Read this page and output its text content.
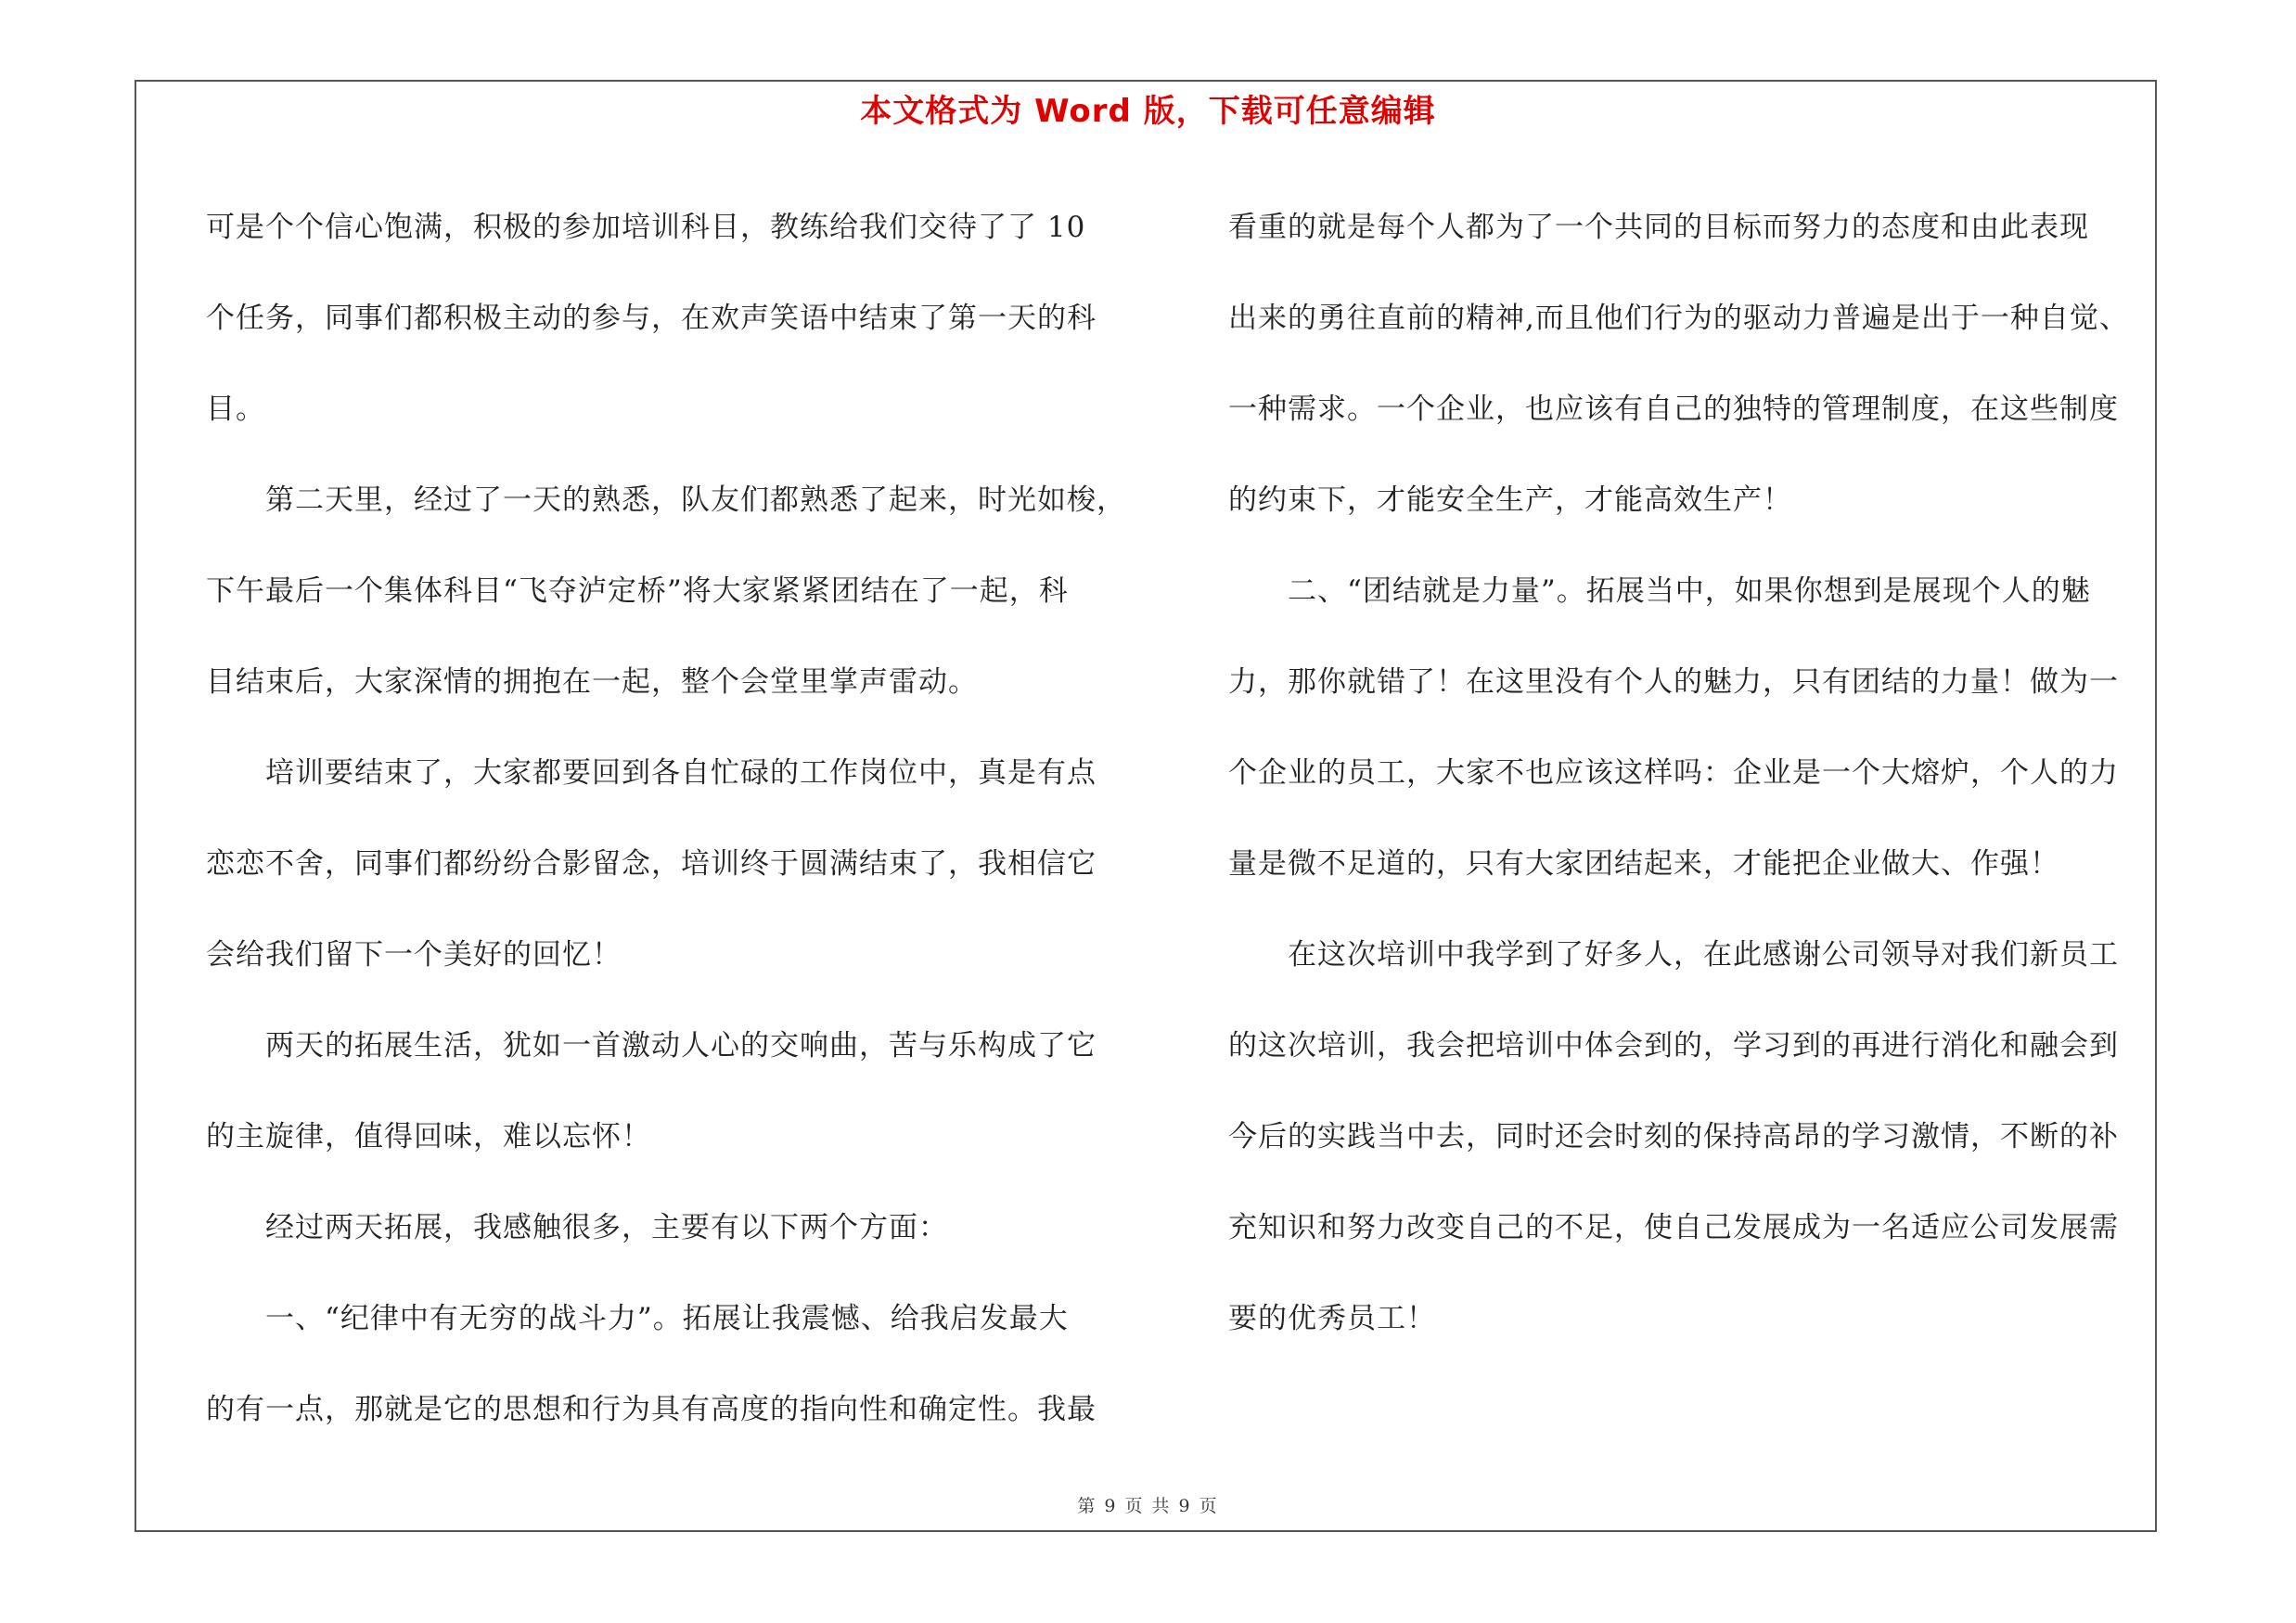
本文格式为 Word 版，下载可任意编辑
可是个个信心饱满，积极的参加培训科目，教练给我们交待了了 10
个任务，同事们都积极主动的参与，在欢声笑语中结束了第一天的科
目。
　　第二天里，经过了一天的熟悉，队友们都熟悉了起来，时光如梭，
下午最后一个集体科目“飞夺泸定桥”将大家紧紧团结在了一起，科
目结束后，大家深情的拥抱在一起，整个会堂里掌声雷动。
　　培训要结束了，大家都要回到各自忙碌的工作岗位中，真是有点
恋恋不舍，同事们都纷纷合影留念，培训终于圆满结束了，我相信它
会给我们留下一个美好的回忆！
　　两天的拓展生活，犹如一首激动人心的交响曲，苦与乐构成了它
的主旋律，值得回味，难以忘怀！
　　经过两天拓展，我感触很多，主要有以下两个方面：
　　一、“纪律中有无穷的战斗力”。拓展让我震憾、给我启发最大
的有一点，那就是它的思想和行为具有高度的指向性和确定性。我最
看重的就是每个人都为了一个共同的目标而努力的态度和由此表现
出来的勇往直前的精神,而且他们行为的驱动力普遍是出于一种自觉、
一种需求。一个企业，也应该有自己的独特的管理制度，在这些制度
的约束下，才能安全生产，才能高效生产！
　　二、“团结就是力量”。拓展当中，如果你想到是展现个人的魅
力，那你就错了！在这里没有个人的魅力，只有团结的力量！做为一
个企业的员工，大家不也应该这样吗：企业是一个大熔炉，个人的力
量是微不足道的，只有大家团结起来，才能把企业做大、作强！
　　在这次培训中我学到了好多人，在此感谢公司领导对我们新员工
的这次培训，我会把培训中体会到的，学习到的再进行消化和融会到
今后的实践当中去，同时还会时刻的保持高昂的学习激情，不断的补
充知识和努力改变自己的不足，使自己发展成为一名适应公司发展需
要的优秀员工！
第 9 页 共 9 页
